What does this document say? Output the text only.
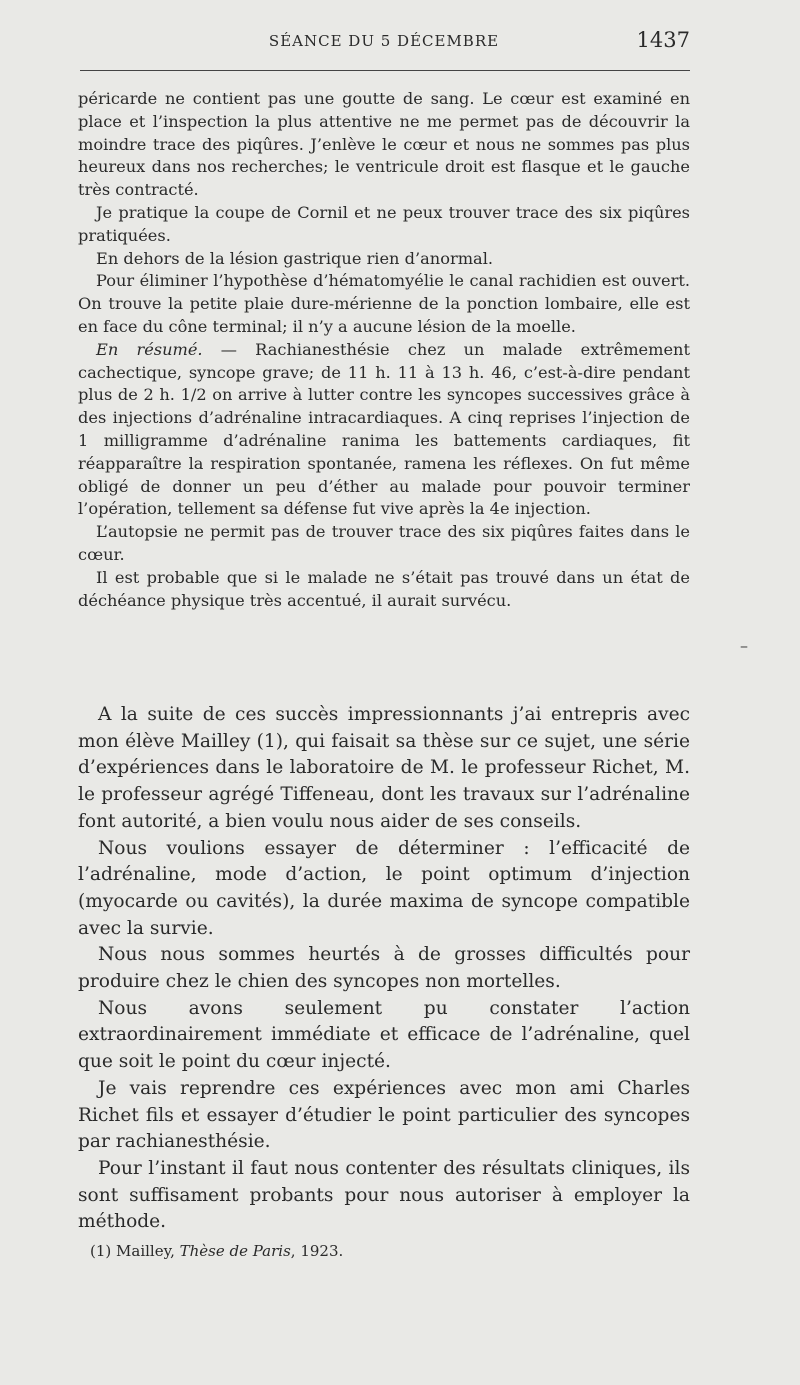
SÉANCE DU 5 DÉCEMBRE	1437

péricarde ne contient pas une goutte de sang. Le cœur est examiné en place et l’inspection la plus attentive ne me permet pas de découvrir la moindre trace des piqûres. J’enlève le cœur et nous ne sommes pas plus heureux dans nos recherches; le ventricule droit est flasque et le gauche très contracté.

Je pratique la coupe de Cornil et ne peux trouver trace des six piqûres pratiquées.

En dehors de la lésion gastrique rien d’anormal.

Pour éliminer l’hypothèse d’hématomyélie le canal rachidien est ouvert. On trouve la petite plaie dure-mérienne de la ponction lombaire, elle est en face du cône terminal; il n’y a aucune lésion de la moelle.

En résumé. — Rachianesthésie chez un malade extrêmement cachectique, syncope grave; de 11 h. 11 à 13 h. 46, c’est-à-dire pendant plus de 2 h. 1/2 on arrive à lutter contre les syncopes successives grâce à des injections d’adrénaline intracardiaques. A cinq reprises l’injection de 1 milligramme d’adrénaline ranima les battements cardiaques, fit réapparaître la respiration spontanée, ramena les réflexes. On fut même obligé de donner un peu d’éther au malade pour pouvoir terminer l’opération, tellement sa défense fut vive après la 4e injection.

L’autopsie ne permit pas de trouver trace des six piqûres faites dans le cœur.

Il est probable que si le malade ne s’était pas trouvé dans un état de déchéance physique très accentué, il aurait survécu.

–

A la suite de ces succès impressionnants j’ai entrepris avec mon élève Mailley (1), qui faisait sa thèse sur ce sujet, une série d’expériences dans le laboratoire de M. le professeur Richet, M. le professeur agrégé Tiffeneau, dont les travaux sur l’adrénaline font autorité, a bien voulu nous aider de ses conseils.

Nous voulions essayer de déterminer : l’efficacité de l’adrénaline, mode d’action, le point optimum d’injection (myocarde ou cavités), la durée maxima de syncope compatible avec la survie.

Nous nous sommes heurtés à de grosses difficultés pour produire chez le chien des syncopes non mortelles.

Nous avons seulement pu constater l’action extraordinairement immédiate et efficace de l’adrénaline, quel que soit le point du cœur injecté.

Je vais reprendre ces expériences avec mon ami Charles Richet fils et essayer d’étudier le point particulier des syncopes par rachianesthésie.

Pour l’instant il faut nous contenter des résultats cliniques, ils sont suffisament probants pour nous autoriser à employer la méthode.

(1) Mailley, Thèse de Paris, 1923.
